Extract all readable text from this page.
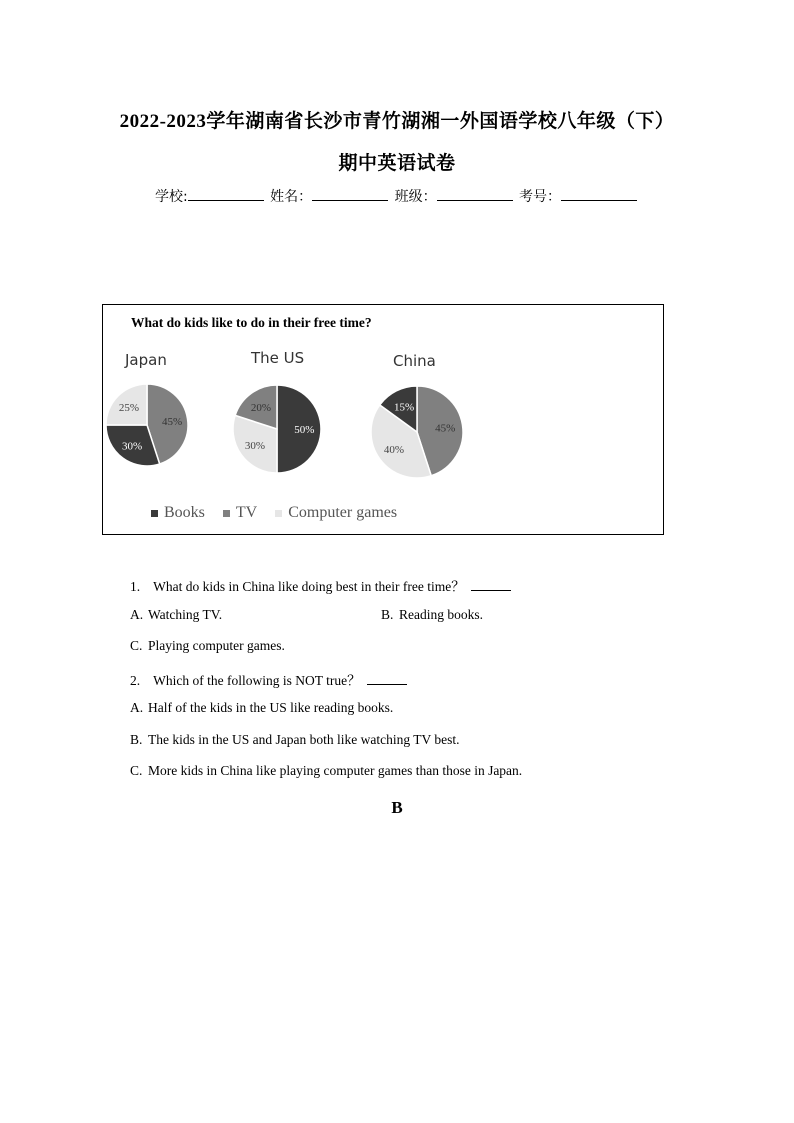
2022-2023学年湖南省长沙市青竹湖湘一外国语学校八年级（下）
期中英语试卷
学校:	姓名：	班级：	考号：
What do kids like to do in their free time?
Japan	The US	China
45%
30%
25%
50%
30%
20%
45%
40%
15%
Books TV Computer games
1. What do kids in China like doing best in their free time？
A. Watching TV.	B. Reading books.
C. Playing computer games.
2. Which of the following is NOT true？
A. Half of the kids in the US like reading books.
B. The kids in the US and Japan both like watching TV best.
C. More kids in China like playing computer games than those in Japan.
B
